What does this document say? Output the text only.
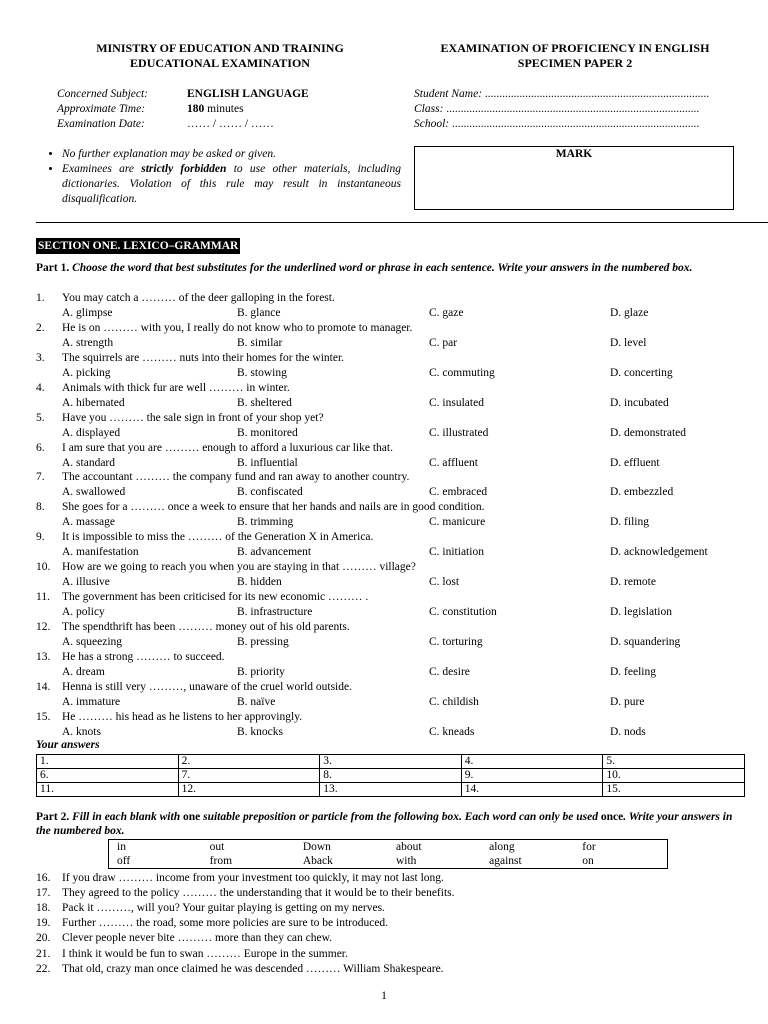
MINISTRY OF EDUCATION AND TRAINING
EDUCATIONAL EXAMINATION
EXAMINATION OF PROFICIENCY IN ENGLISH
SPECIMEN PAPER 2
Concerned Subject:	ENGLISH LANGUAGE
Approximate Time:	180 minutes
Examination Date:	…… / …… / ……
Student Name: ..............................................................................
Class: ........................................................................................
School: ......................................................................................
• No further explanation may be asked or given.
• Examinees are strictly forbidden to use other materials, including dictionaries. Violation of this rule may result in instantaneous disqualification.
MARK
SECTION ONE. LEXICO–GRAMMAR
Part 1. Choose the word that best substitutes for the underlined word or phrase in each sentence. Write your answers in the numbered box.
1. You may catch a ……… of the deer galloping in the forest.
A. glimpse	B. glance	C. gaze	D. glaze
2. He is on ……… with you, I really do not know who to promote to manager.
A. strength	B. similar	C. par	D. level
3. The squirrels are ……… nuts into their homes for the winter.
A. picking	B. stowing	C. commuting	D. concerting
4. Animals with thick fur are well ……… in winter.
A. hibernated	B. sheltered	C. insulated	D. incubated
5. Have you ……… the sale sign in front of your shop yet?
A. displayed	B. monitored	C. illustrated	D. demonstrated
6. I am sure that you are ……… enough to afford a luxurious car like that.
A. standard	B. influential	C. affluent	D. effluent
7. The accountant ……… the company fund and ran away to another country.
A. swallowed	B. confiscated	C. embraced	D. embezzled
8. She goes for a ……… once a week to ensure that her hands and nails are in good condition.
A. massage	B. trimming	C. manicure	D. filing
9. It is impossible to miss the ……… of the Generation X in America.
A. manifestation	B. advancement	C. initiation	D. acknowledgement
10. How are we going to reach you when you are staying in that ……… village?
A. illusive	B. hidden	C. lost	D. remote
11. The government has been criticised for its new economic ……… .
A. policy	B. infrastructure	C. constitution	D. legislation
12. The spendthrift has been ……… money out of his old parents.
A. squeezing	B. pressing	C. torturing	D. squandering
13. He has a strong ……… to succeed.
A. dream	B. priority	C. desire	D. feeling
14. Henna is still very ………, unaware of the cruel world outside.
A. immature	B. naïve	C. childish	D. pure
15. He ……… his head as he listens to her approvingly.
A. knots	B. knocks	C. kneads	D. nods
Your answers
1.	2.	3.	4.	5.
6.	7.	8.	9.	10.
11.	12.	13.	14.	15.
Part 2. Fill in each blank with one suitable preposition or particle from the following box. Each word can only be used once. Write your answers in the numbered box.
in	out	Down	about	along	for
off	from	Aback	with	against	on
16. If you draw ……… income from your investment too quickly, it may not last long.
17. They agreed to the policy ……… the understanding that it would be to their benefits.
18. Pack it ………, will you? Your guitar playing is getting on my nerves.
19. Further ……… the road, some more policies are sure to be introduced.
20. Clever people never bite ……… more than they can chew.
21. I think it would be fun to swan ……… Europe in the summer.
22. That old, crazy man once claimed he was descended ……… William Shakespeare.
1
